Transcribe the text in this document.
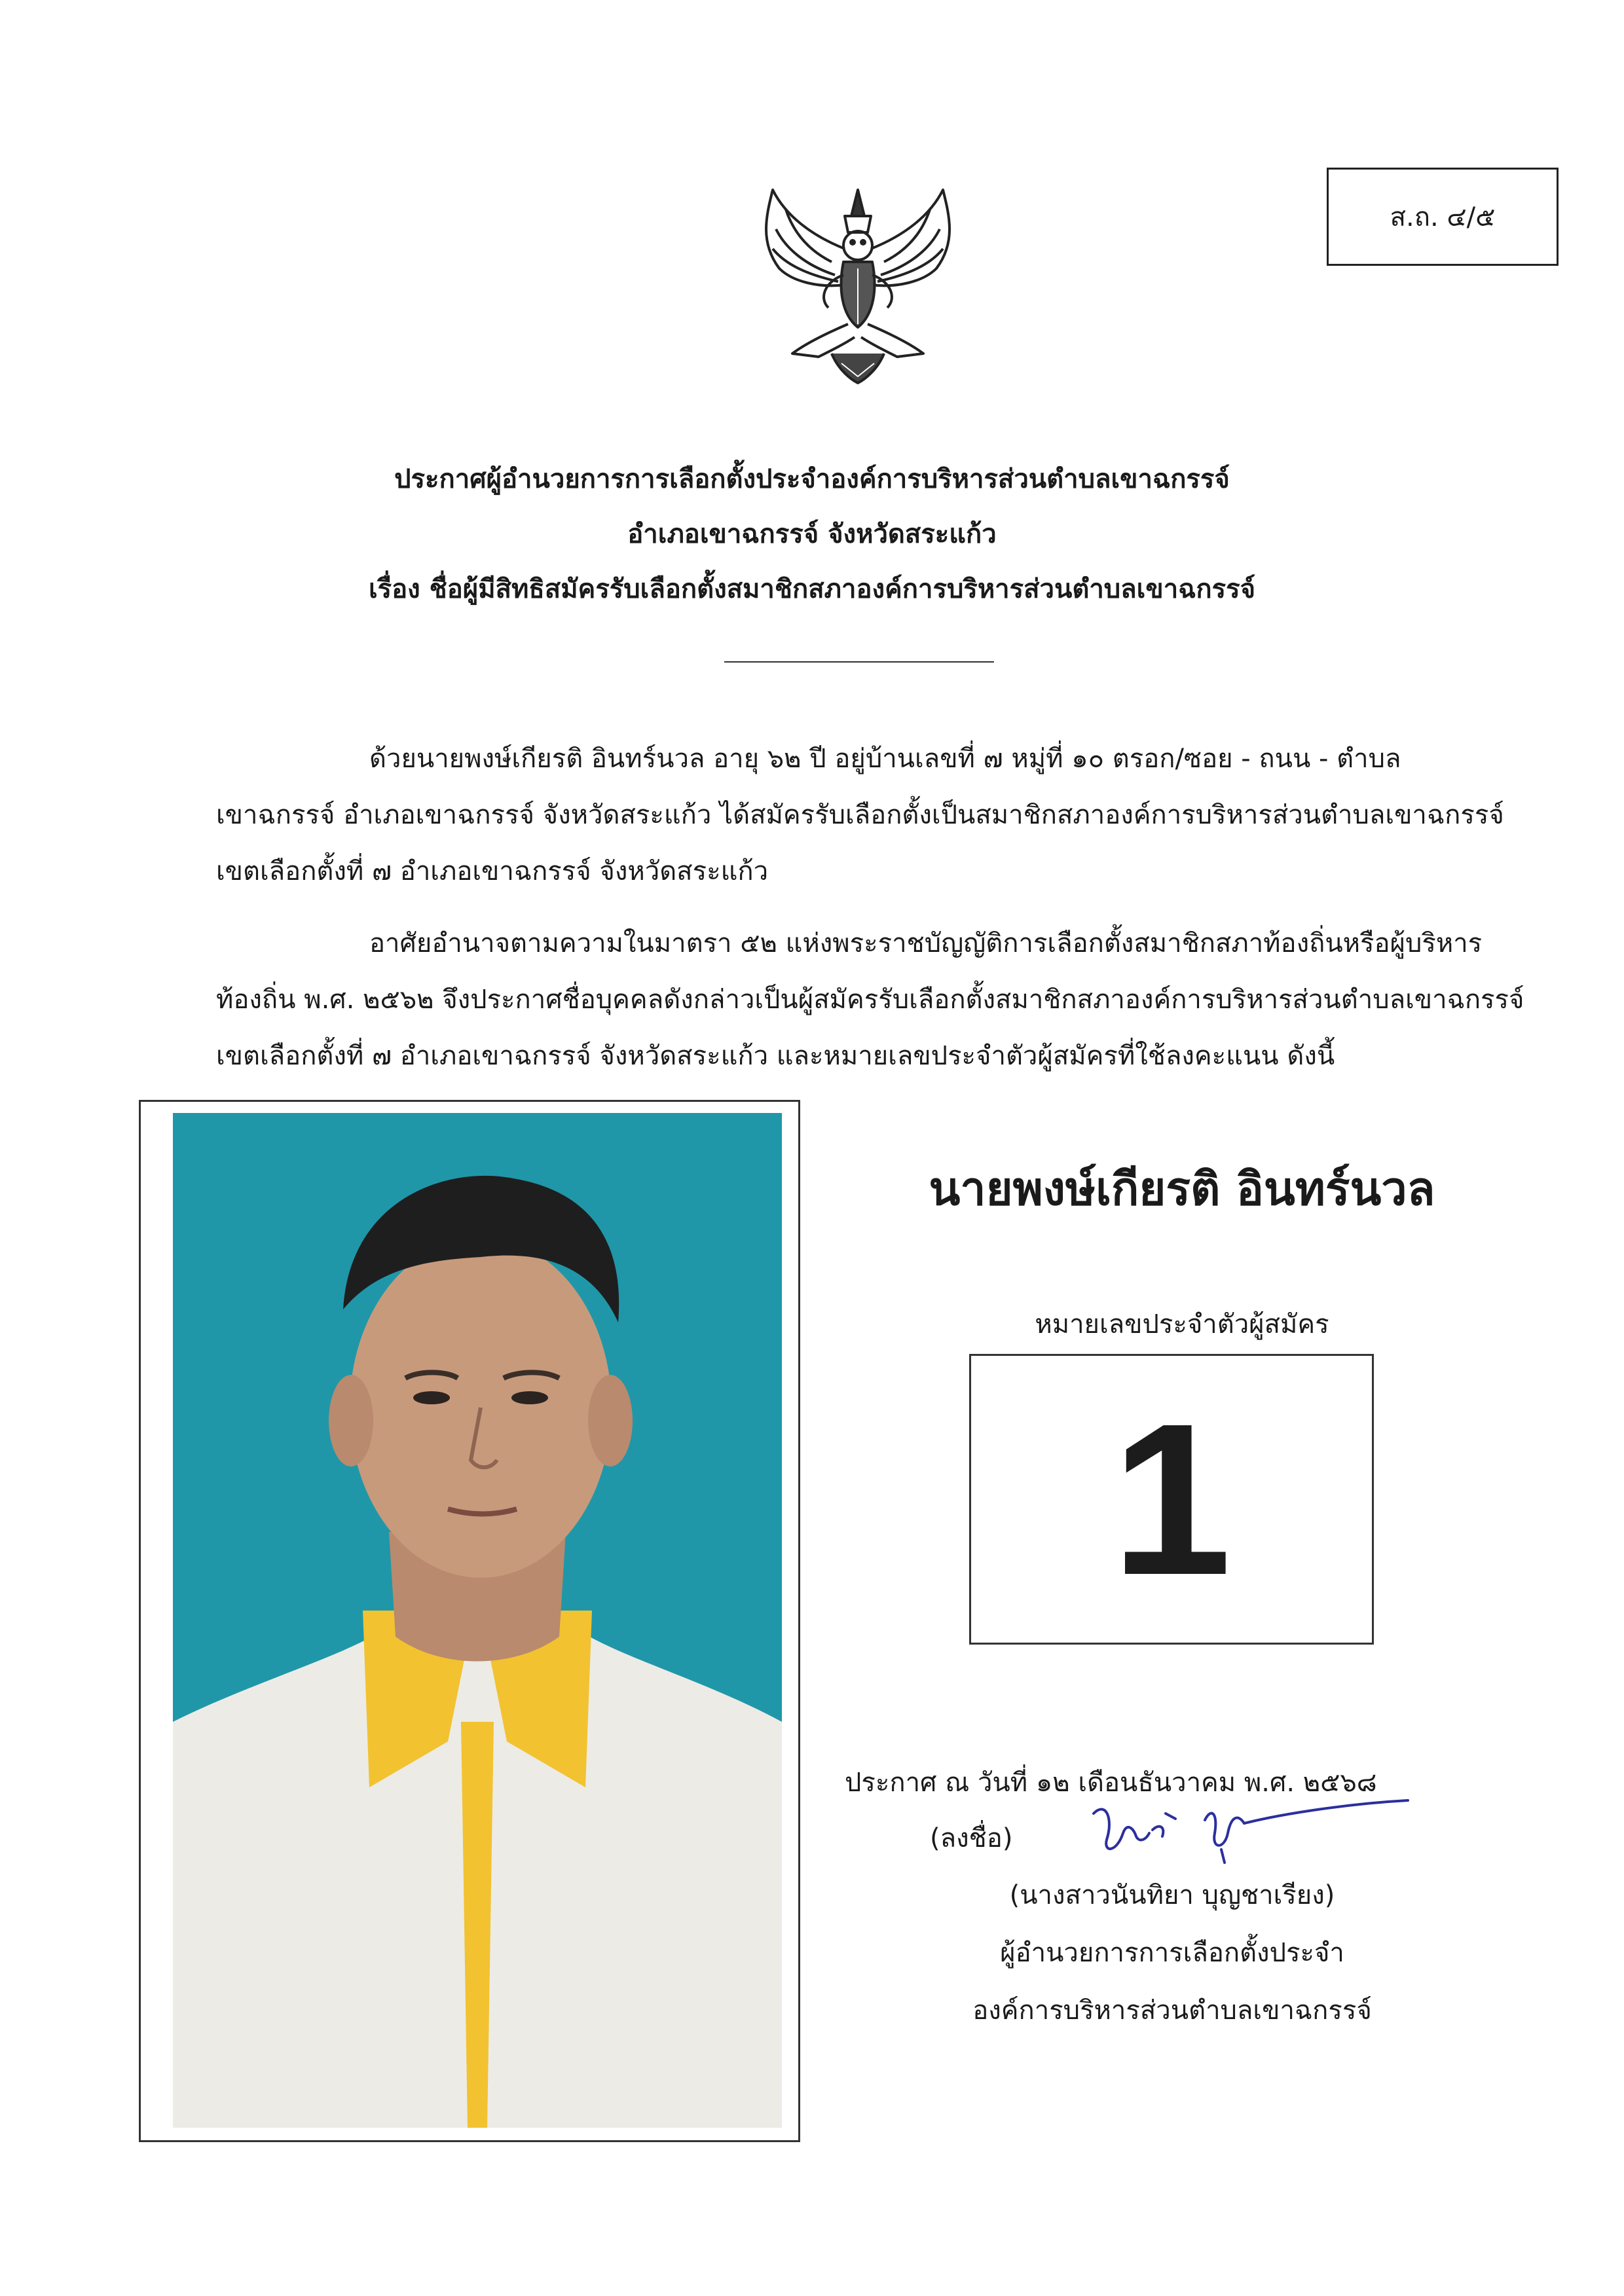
ส.ถ. ๔/๕
ประกาศผู้อำนวยการการเลือกตั้งประจำองค์การบริหารส่วนตำบลเขาฉกรรจ์
อำเภอเขาฉกรรจ์ จังหวัดสระแก้ว
เรื่อง ชื่อผู้มีสิทธิสมัครรับเลือกตั้งสมาชิกสภาองค์การบริหารส่วนตำบลเขาฉกรรจ์
ด้วยนายพงษ์เกียรติ อินทร์นวล อายุ ๖๒ ปี อยู่บ้านเลขที่ ๗ หมู่ที่ ๑๐ ตรอก/ซอย - ถนน - ตำบล
เขาฉกรรจ์ อำเภอเขาฉกรรจ์ จังหวัดสระแก้ว ได้สมัครรับเลือกตั้งเป็นสมาชิกสภาองค์การบริหารส่วนตำบลเขาฉกรรจ์
เขตเลือกตั้งที่ ๗ อำเภอเขาฉกรรจ์ จังหวัดสระแก้ว
อาศัยอำนาจตามความในมาตรา ๕๒ แห่งพระราชบัญญัติการเลือกตั้งสมาชิกสภาท้องถิ่นหรือผู้บริหาร
ท้องถิ่น พ.ศ. ๒๕๖๒ จึงประกาศชื่อบุคคลดังกล่าวเป็นผู้สมัครรับเลือกตั้งสมาชิกสภาองค์การบริหารส่วนตำบลเขาฉกรรจ์
เขตเลือกตั้งที่ ๗ อำเภอเขาฉกรรจ์ จังหวัดสระแก้ว และหมายเลขประจำตัวผู้สมัครที่ใช้ลงคะแนน ดังนี้
นายพงษ์เกียรติ อินทร์นวล
หมายเลขประจำตัวผู้สมัคร
1
ประกาศ ณ วันที่ ๑๒ เดือนธันวาคม พ.ศ. ๒๕๖๘
(ลงชื่อ)
(นางสาวนันทิยา บุญชาเรียง)
ผู้อำนวยการการเลือกตั้งประจำ
องค์การบริหารส่วนตำบลเขาฉกรรจ์
